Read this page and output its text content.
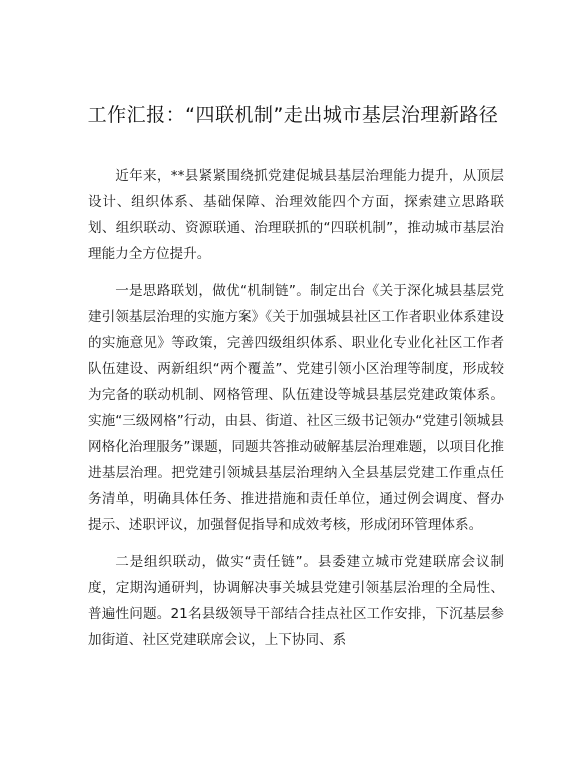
工作汇报：“四联机制”走出城市基层治理新路径

近年来，**县紧紧围绕抓党建促城县基层治理能力提升，从顶层设计、组织体系、基础保障、治理效能四个方面，探索建立思路联划、组织联动、资源联通、治理联抓的“四联机制”，推动城市基层治理能力全方位提升。

一是思路联划，做优“机制链”。制定出台《关于深化城县基层党建引领基层治理的实施方案》《关于加强城县社区工作者职业体系建设的实施意见》等政策，完善四级组织体系、职业化专业化社区工作者队伍建设、两新组织“两个覆盖”、党建引领小区治理等制度，形成较为完备的联动机制、网格管理、队伍建设等城县基层党建政策体系。实施“三级网格”行动，由县、街道、社区三级书记领办“党建引领城县网格化治理服务”课题，同题共答推动破解基层治理难题，以项目化推进基层治理。把党建引领城县基层治理纳入全县基层党建工作重点任务清单，明确具体任务、推进措施和责任单位，通过例会调度、督办提示、述职评议，加强督促指导和成效考核，形成闭环管理体系。

二是组织联动，做实“责任链”。县委建立城市党建联席会议制度，定期沟通研判，协调解决事关城县党建引领基层治理的全局性、普遍性问题。21名县级领导干部结合挂点社区工作安排，下沉基层参加街道、社区党建联席会议，上下协同、系
